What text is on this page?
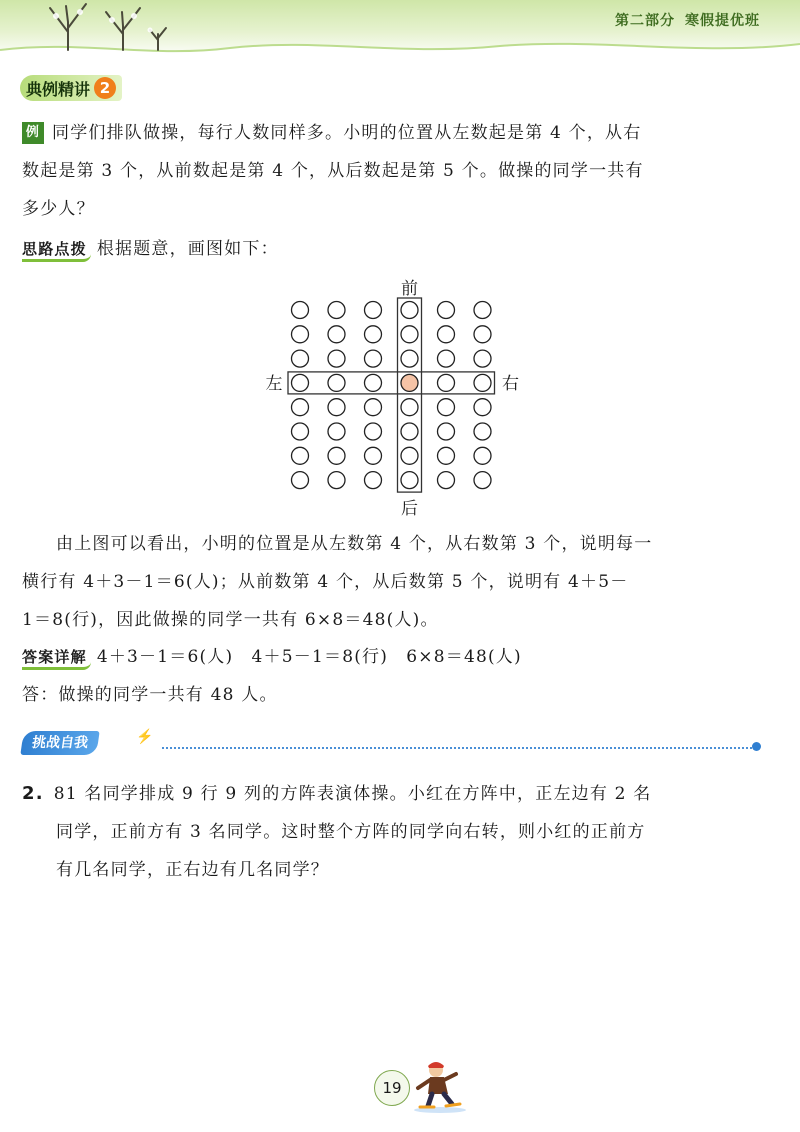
第二部分 寒假提优班
典例精讲 2
例 同学们排队做操，每行人数同样多。小明的位置从左数起是第 4 个，从右
数起是第 3 个，从前数起是第 4 个，从后数起是第 5 个。做操的同学一共有
多少人？
思路点拨 根据题意，画图如下：
前
后
左	右
由上图可以看出，小明的位置是从左数第 4 个，从右数第 3 个，说明每一
横行有 4＋3－1＝6(人)；从前数第 4 个，从后数第 5 个，说明有 4＋5－
1＝8(行)，因此做操的同学一共有 6×8＝48(人)。
答案详解 4＋3－1＝6(人)　4＋5－1＝8(行)　6×8＝48(人)
答：做操的同学一共有 48 人。
挑战自我	⚡
2. 81 名同学排成 9 行 9 列的方阵表演体操。小红在方阵中，正左边有 2 名
同学，正前方有 3 名同学。这时整个方阵的同学向右转，则小红的正前方
有几名同学，正右边有几名同学？
19
